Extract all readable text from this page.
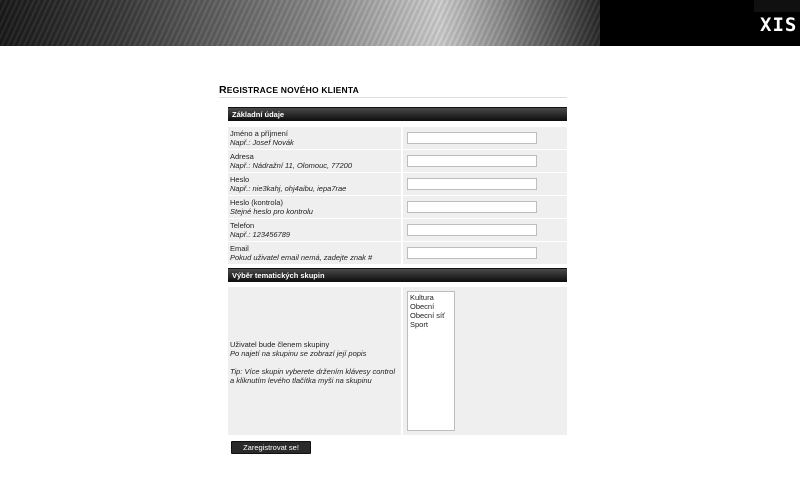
XIS
REGISTRACE NOVÉHO KLIENTA
Základní údaje
Jméno a příjmení
Např.: Josef Novák
Adresa
Např.: Nádražní 11, Olomouc, 77200
Heslo
Např.: nie3kahj, ohj4aibu, iepa7rae
Heslo (kontrola)
Stejné heslo pro kontrolu
Telefon
Např.: 123456789
Email
Pokud uživatel email nemá, zadejte znak #
Výběr tematických skupin
Uživatel bude členem skupiny
Po najetí na skupinu se zobrazí její popis
Tip: Více skupin vyberete držením klávesy control
a kliknutím levého tlačítka myši na skupinu
Kultura
Obecní
Obecní síť
Sport
Zaregistrovat se!
